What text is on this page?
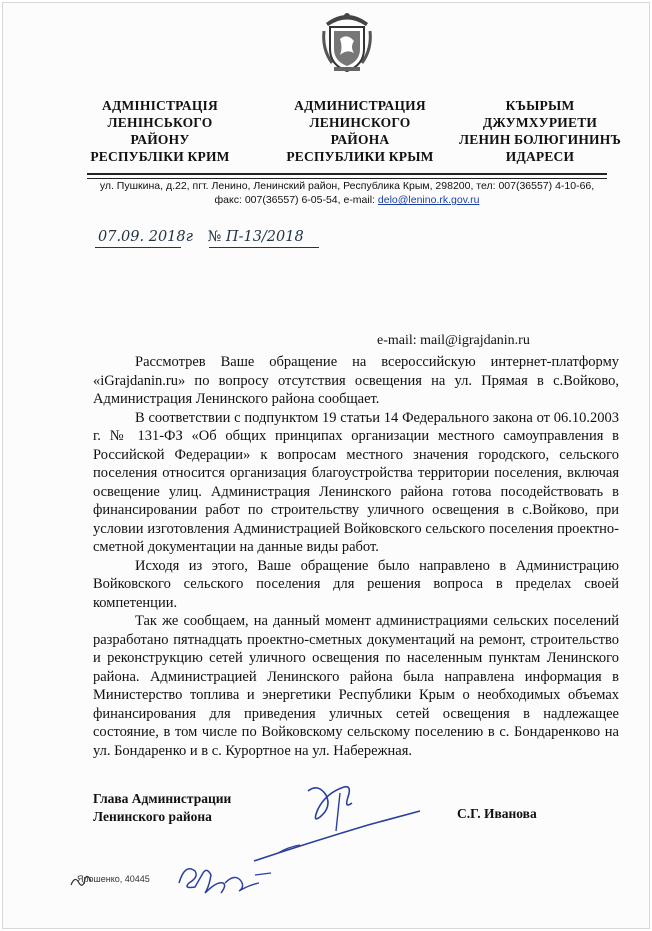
АДМІНІСТРАЦІЯ
ЛЕНІНСЬКОГО
РАЙОНУ
РЕСПУБЛІКИ КРИМ
АДМИНИСТРАЦИЯ
ЛЕНИНСКОГО
РАЙОНА
РЕСПУБЛИКИ КРЫМ
КЪЫРЫМ
ДЖУМХУРИЕТИ
ЛЕНИН БОЛЮГИНИНЪ
ИДАРЕСИ
ул. Пушкина, д.22, пгт. Ленино, Ленинский район, Республика Крым, 298200, тел: 007(36557) 4-10-66,
факс: 007(36557) 6-05-54, e-mail: delo@lenino.rk.gov.ru
07.09. 2018г № П-13/2018
e-mail: mail@igrajdanin.ru

Рассмотрев Ваше обращение на всероссийскую интернет-платформу «iGrajdanin.ru» по вопросу отсутствия освещения на ул. Прямая в с.Войково, Администрация Ленинского района сообщает.

В соответствии с подпунктом 19 статьи 14 Федерального закона от 06.10.2003 г. № 131-ФЗ «Об общих принципах организации местного самоуправления в Российской Федерации» к вопросам местного значения городского, сельского поселения относится организация благоустройства территории поселения, включая освещение улиц. Администрация Ленинского района готова посодействовать в финансировании работ по строительству уличного освещения в с.Войково, при условии изготовления Администрацией Войковского сельского поселения проектно-сметной документации на данные виды работ.

Исходя из этого, Ваше обращение было направлено в Администрацию Войковского сельского поселения для решения вопроса в пределах своей компетенции.

Так же сообщаем, на данный момент администрациями сельских поселений разработано пятнадцать проектно-сметных документаций на ремонт, строительство и реконструкцию сетей уличного освещения по населенным пунктам Ленинского района. Администрацией Ленинского района была направлена информация в Министерство топлива и энергетики Республики Крым о необходимых объемах финансирования для приведения уличных сетей освещения в надлежащее состояние, в том числе по Войковскому сельскому поселению в с. Бондаренково на ул. Бондаренко и в с. Курортное на ул. Набережная.

Глава Администрации
Ленинского района	С.Г. Иванова
Ярошенко, 40445
